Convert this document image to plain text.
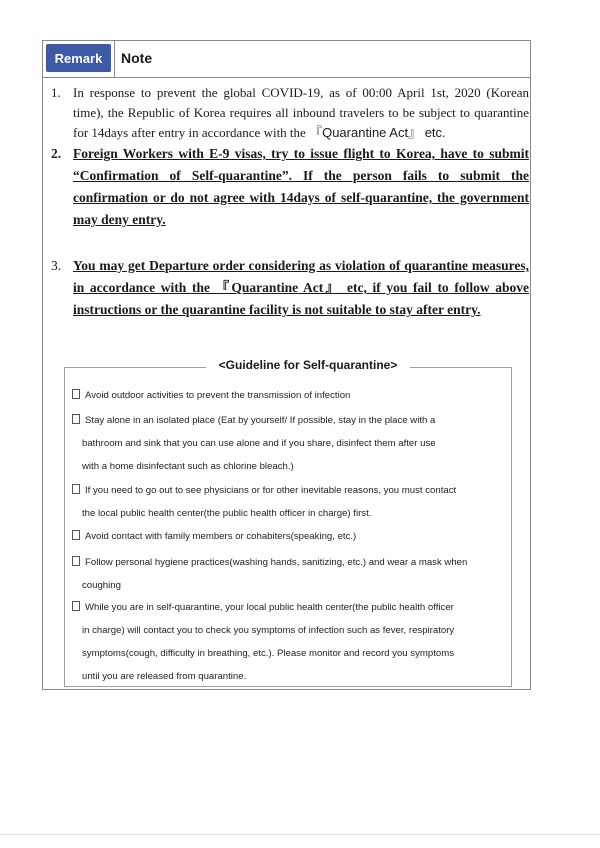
Remark	Note
1. In response to prevent the global COVID-19, as of 00:00 April 1st, 2020 (Korean time), the Republic of Korea requires all inbound travelers to be subject to quarantine for 14days after entry in accordance with the 『Quarantine Act』 etc.
2. Foreign Workers with E-9 visas, try to issue flight to Korea, have to submit “Confirmation of Self-quarantine”. If the person fails to submit the confirmation or do not agree with 14days of self-quarantine, the government may deny entry.
3. You may get Departure order considering as violation of quarantine measures, in accordance with the 『Quarantine Act』 etc, if you fail to follow above instructions or the quarantine facility is not suitable to stay after entry.
<Guideline for Self-quarantine>
Avoid outdoor activities to prevent the transmission of infection
Stay alone in an isolated place (Eat by yourself/ If possible, stay in the place with a
bathroom and sink that you can use alone and if you share, disinfect them after use
with a home disinfectant such as chlorine bleach.)
If you need to go out to see physicians or for other inevitable reasons, you must contact
the local public health center(the public health officer in charge) first.
Avoid contact with family members or cohabiters(speaking, etc.)
Follow personal hygiene practices(washing hands, sanitizing, etc.) and wear a mask when
coughing
While you are in self-quarantine, your local public health center(the public health officer
in charge) will contact you to check you symptoms of infection such as fever, respiratory
symptoms(cough, difficulty in breathing, etc.). Please monitor and record you symptoms
until you are released from quarantine.
